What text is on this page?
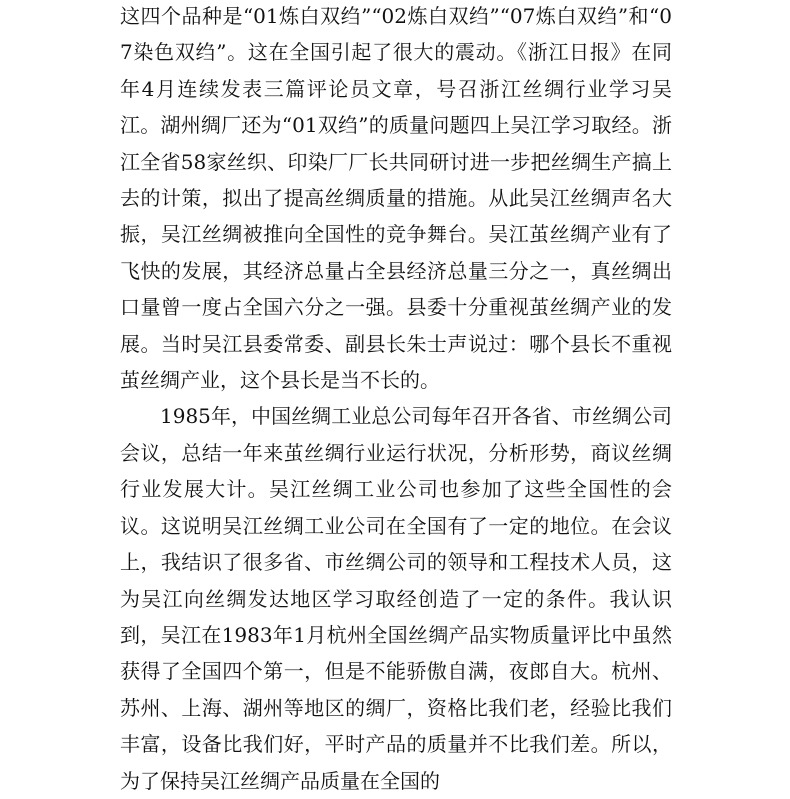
这四个品种是“01炼白双绉”“02炼白双绉”“07炼白双绉”和“07染色双绉”。这在全国引起了很大的震动。《浙江日报》在同年4月连续发表三篇评论员文章，号召浙江丝绸行业学习吴江。湖州绸厂还为“01双绉”的质量问题四上吴江学习取经。浙江全省58家丝织、印染厂厂长共同研讨进一步把丝绸生产搞上去的计策，拟出了提高丝绸质量的措施。从此吴江丝绸声名大振，吴江丝绸被推向全国性的竞争舞台。吴江茧丝绸产业有了飞快的发展，其经济总量占全县经济总量三分之一，真丝绸出口量曾一度占全国六分之一强。县委十分重视茧丝绸产业的发展。当时吴江县委常委、副县长朱士声说过：哪个县长不重视茧丝绸产业，这个县长是当不长的。

1985年，中国丝绸工业总公司每年召开各省、市丝绸公司会议，总结一年来茧丝绸行业运行状况，分析形势，商议丝绸行业发展大计。吴江丝绸工业公司也参加了这些全国性的会议。这说明吴江丝绸工业公司在全国有了一定的地位。在会议上，我结识了很多省、市丝绸公司的领导和工程技术人员，这为吴江向丝绸发达地区学习取经创造了一定的条件。我认识到，吴江在1983年1月杭州全国丝绸产品实物质量评比中虽然获得了全国四个第一，但是不能骄傲自满，夜郎自大。杭州、苏州、上海、湖州等地区的绸厂，资格比我们老，经验比我们丰富，设备比我们好，平时产品的质量并不比我们差。所以，为了保持吴江丝绸产品质量在全国的
